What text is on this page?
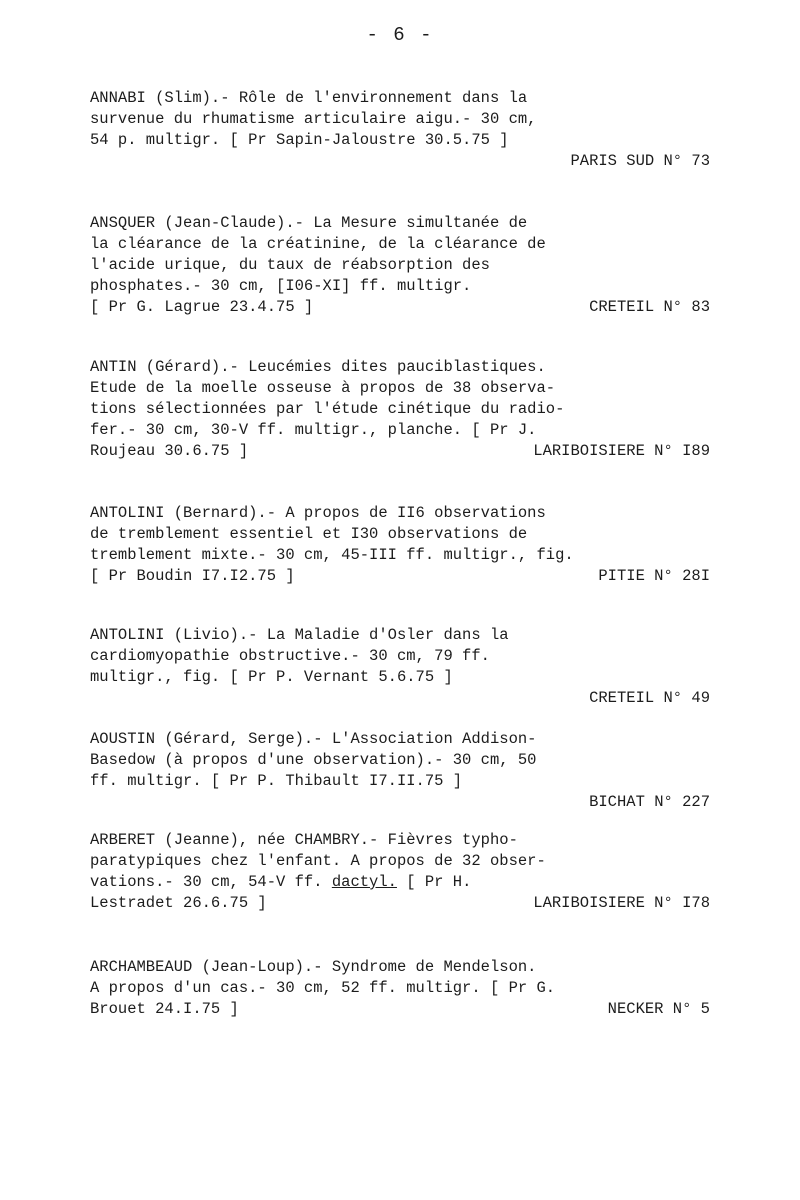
- 6 -
ANNABI (Slim).- Rôle de l'environnement dans la
survenue du rhumatisme articulaire aigu.- 30 cm,
54 p. multigr. [ Pr Sapin-Jaloustre 30.5.75 ]
PARIS SUD N° 73
ANSQUER (Jean-Claude).- La Mesure simultanée de
la cléarance de la créatinine, de la cléarance de
l'acide urique, du taux de réabsorption des
phosphates.- 30 cm, [I06-XI] ff. multigr.
[ Pr G. Lagrue 23.4.75 ]	CRETEIL N° 83
ANTIN (Gérard).- Leucémies dites pauciblastiques.
Etude de la moelle osseuse à propos de 38 observa-
tions sélectionnées par l'étude cinétique du radio-
fer.- 30 cm, 30-V ff. multigr., planche. [ Pr J.
Roujeau 30.6.75 ]	LARIBOISIERE N° I89
ANTOLINI (Bernard).- A propos de II6 observations
de tremblement essentiel et I30 observations de
tremblement mixte.- 30 cm, 45-III ff. multigr., fig.
[ Pr Boudin I7.I2.75 ]	PITIE N° 28I
ANTOLINI (Livio).- La Maladie d'Osler dans la
cardiomyopathie obstructive.- 30 cm, 79 ff.
multigr., fig. [ Pr P. Vernant 5.6.75 ]
CRETEIL N° 49
AOUSTIN (Gérard, Serge).- L'Association Addison-
Basedow (à propos d'une observation).- 30 cm, 50
ff. multigr. [ Pr P. Thibault I7.II.75 ]
BICHAT N° 227
ARBERET (Jeanne), née CHAMBRY.- Fièvres typho-
paratypiques chez l'enfant. A propos de 32 obser-
vations.- 30 cm, 54-V ff. dactyl. [ Pr H.
Lestradet 26.6.75 ]	LARIBOISIERE N° I78
ARCHAMBEAUD (Jean-Loup).- Syndrome de Mendelson.
A propos d'un cas.- 30 cm, 52 ff. multigr. [ Pr G.
Brouet 24.I.75 ]	NECKER N° 5
